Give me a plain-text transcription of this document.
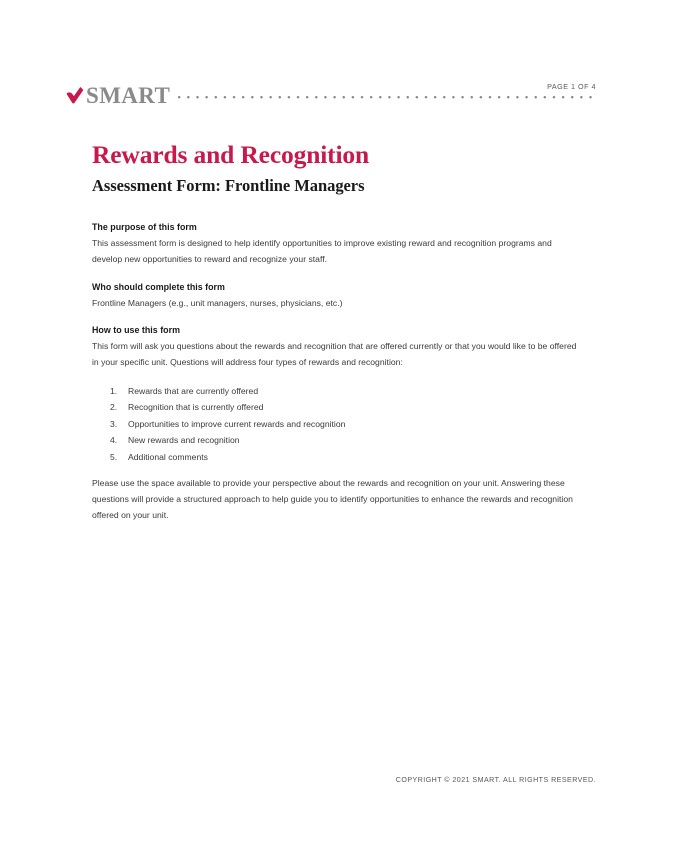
SMART	PAGE 1 OF 4
Rewards and Recognition
Assessment Form: Frontline Managers

The purpose of this form

This assessment form is designed to help identify opportunities to improve existing reward and recognition programs and develop new opportunities to reward and recognize your staff.

Who should complete this form

Frontline Managers (e.g., unit managers, nurses, physicians, etc.)

How to use this form

This form will ask you questions about the rewards and recognition that are offered currently or that you would like to be offered in your specific unit. Questions will address four types of rewards and recognition:

1.	Rewards that are currently offered
2.	Recognition that is currently offered
3.	Opportunities to improve current rewards and recognition
4.	New rewards and recognition
5.	Additional comments

Please use the space available to provide your perspective about the rewards and recognition on your unit. Answering these questions will provide a structured approach to help guide you to identify opportunities to enhance the rewards and recognition offered on your unit.

COPYRIGHT © 2021 SMART. ALL RIGHTS RESERVED.
